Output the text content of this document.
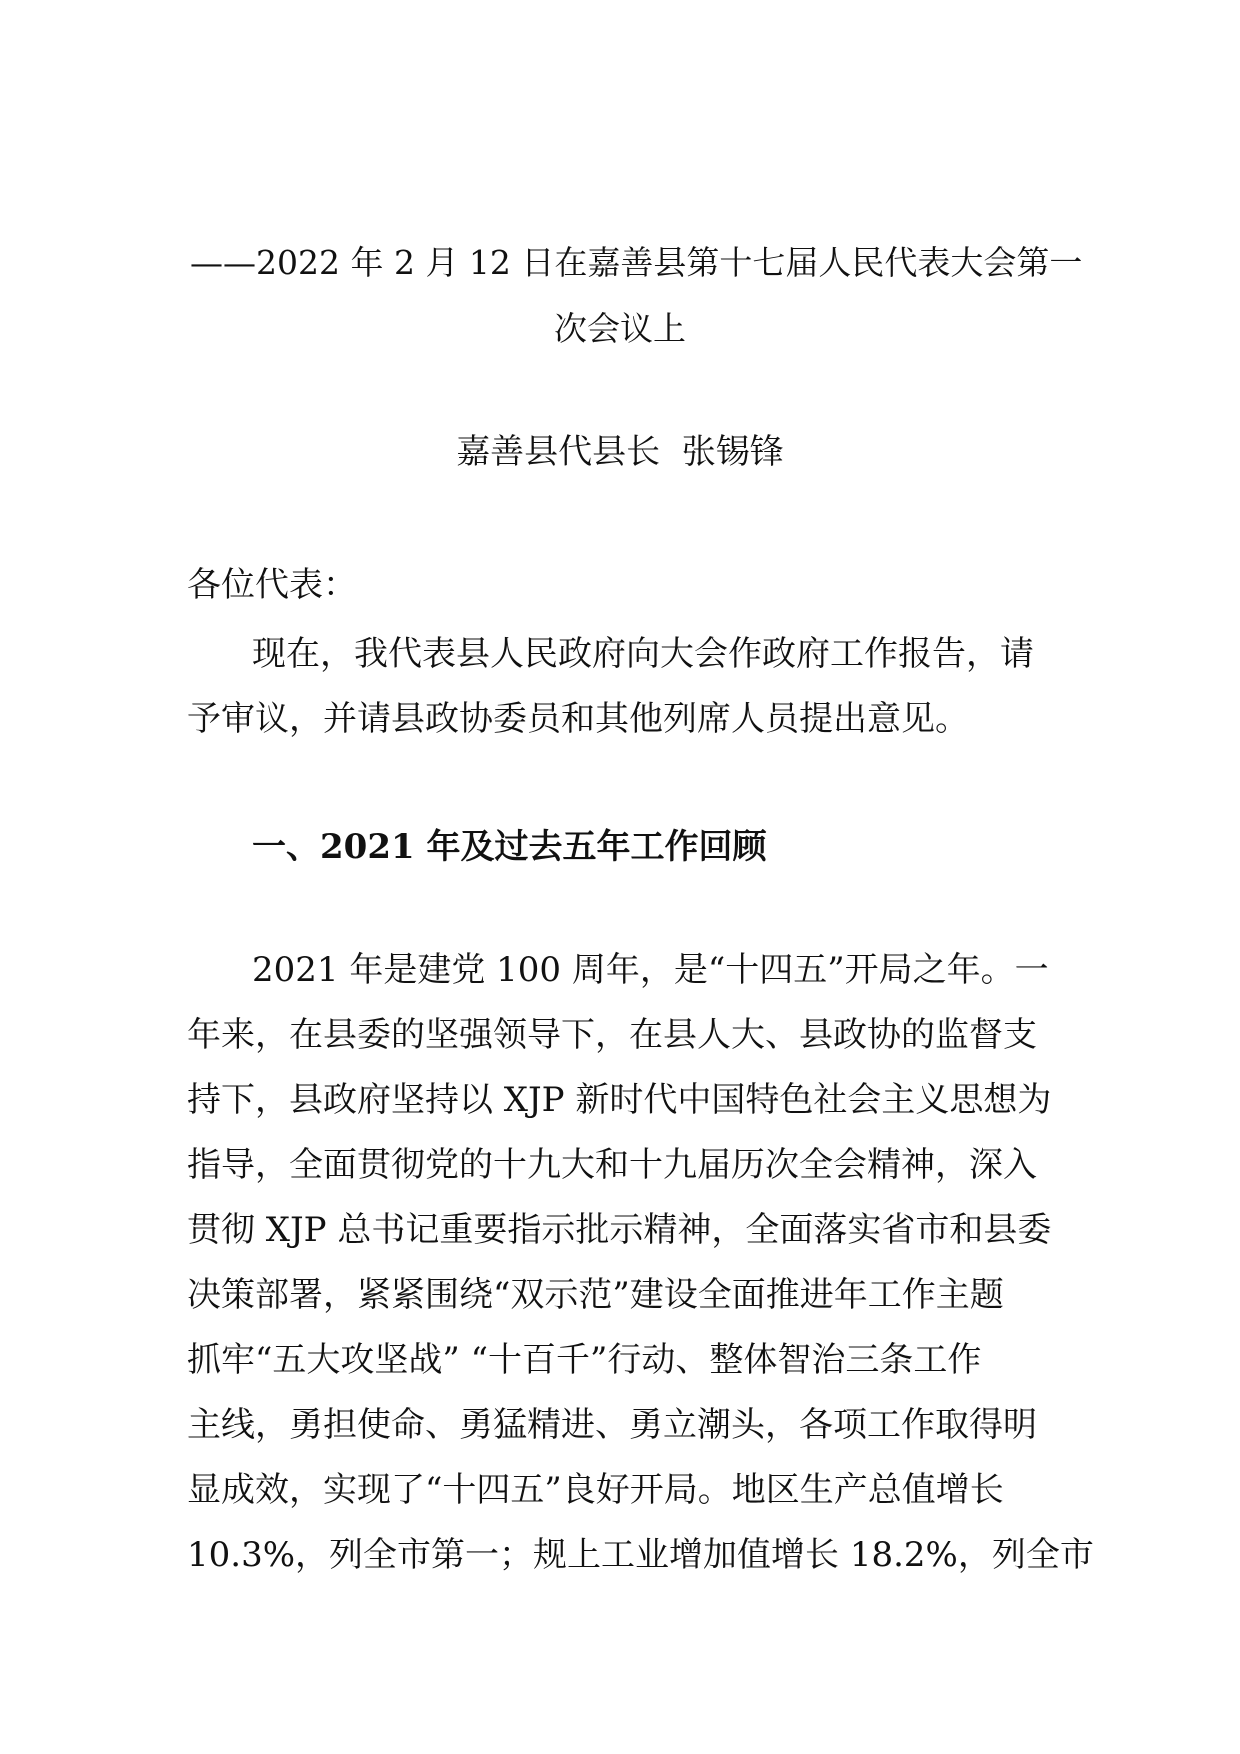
——2022 年 2 月 12 日在嘉善县第十七届人民代表大会第一
次会议上
嘉善县代县长  张锡锋
各位代表：
现在，我代表县人民政府向大会作政府工作报告，请
予审议，并请县政协委员和其他列席人员提出意见。
一、2021 年及过去五年工作回顾
2021 年是建党 100 周年，是“十四五”开局之年。一
年来，在县委的坚强领导下，在县人大、县政协的监督支
持下，县政府坚持以 XJP 新时代中国特色社会主义思想为
指导，全面贯彻党的十九大和十九届历次全会精神，深入
贯彻 XJP 总书记重要指示批示精神，全面落实省市和县委
决策部署，紧紧围绕“双示范”建设全面推进年工作主题
抓牢“五大攻坚战” “十百千”行动、整体智治三条工作
主线，勇担使命、勇猛精进、勇立潮头，各项工作取得明
显成效，实现了“十四五”良好开局。地区生产总值增长
10.3%，列全市第一；规上工业增加值增长 18.2%，列全市
